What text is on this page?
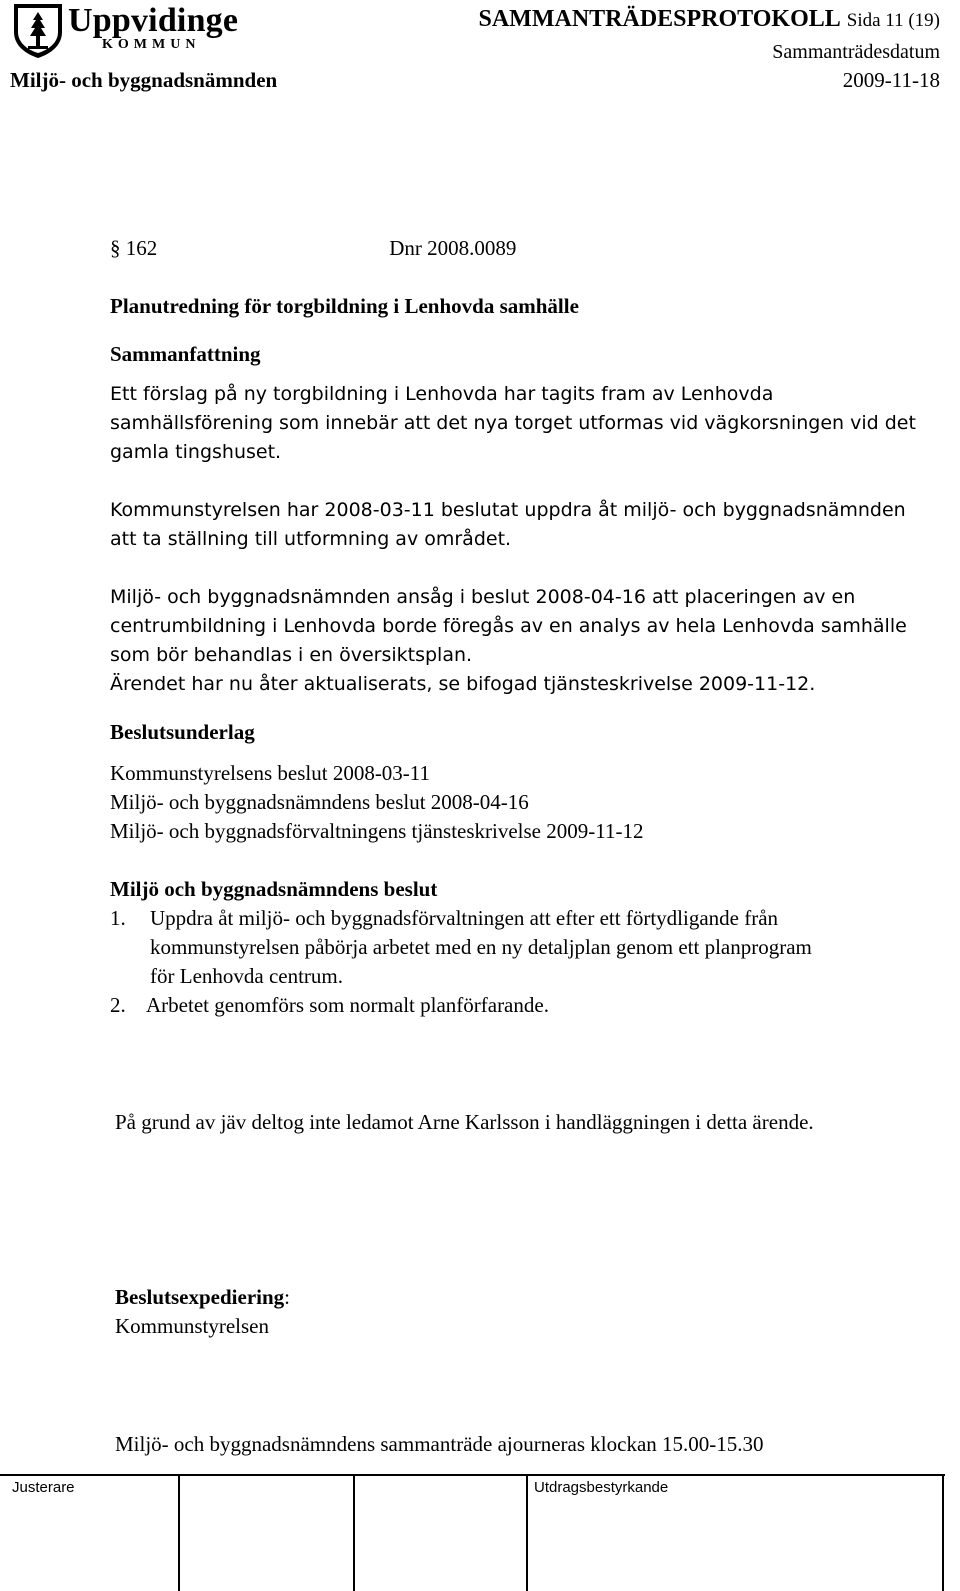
Uppvidinge
KOMMUN
SAMMANTRÄDESPROTOKOLL Sida 11 (19)
Sammanträdesdatum
Miljö- och byggnadsnämnden	2009-11-18
§ 162	Dnr 2008.0089
Planutredning för torgbildning i Lenhovda samhälle
Sammanfattning
Ett förslag på ny torgbildning i Lenhovda har tagits fram av Lenhovda
samhällsförening som innebär att det nya torget utformas vid vägkorsningen vid det
gamla tingshuset.
Kommunstyrelsen har 2008-03-11 beslutat uppdra åt miljö- och byggnadsnämnden
att ta ställning till utformning av området.
Miljö- och byggnadsnämnden ansåg i beslut 2008-04-16 att placeringen av en
centrumbildning i Lenhovda borde föregås av en analys av hela Lenhovda samhälle
som bör behandlas i en översiktsplan.
Ärendet har nu åter aktualiserats, se bifogad tjänsteskrivelse 2009-11-12.
Beslutsunderlag
Kommunstyrelsens beslut 2008-03-11
Miljö- och byggnadsnämndens beslut 2008-04-16
Miljö- och byggnadsförvaltningens tjänsteskrivelse 2009-11-12
Miljö och byggnadsnämndens beslut
1. Uppdra åt miljö- och byggnadsförvaltningen att efter ett förtydligande från
kommunstyrelsen påbörja arbetet med en ny detaljplan genom ett planprogram
för Lenhovda centrum.
2. Arbetet genomförs som normalt planförfarande.
På grund av jäv deltog inte ledamot Arne Karlsson i handläggningen i detta ärende.
Beslutsexpediering:
Kommunstyrelsen
Miljö- och byggnadsnämndens sammanträde ajourneras klockan 15.00-15.30
Justerare	Utdragsbestyrkande
